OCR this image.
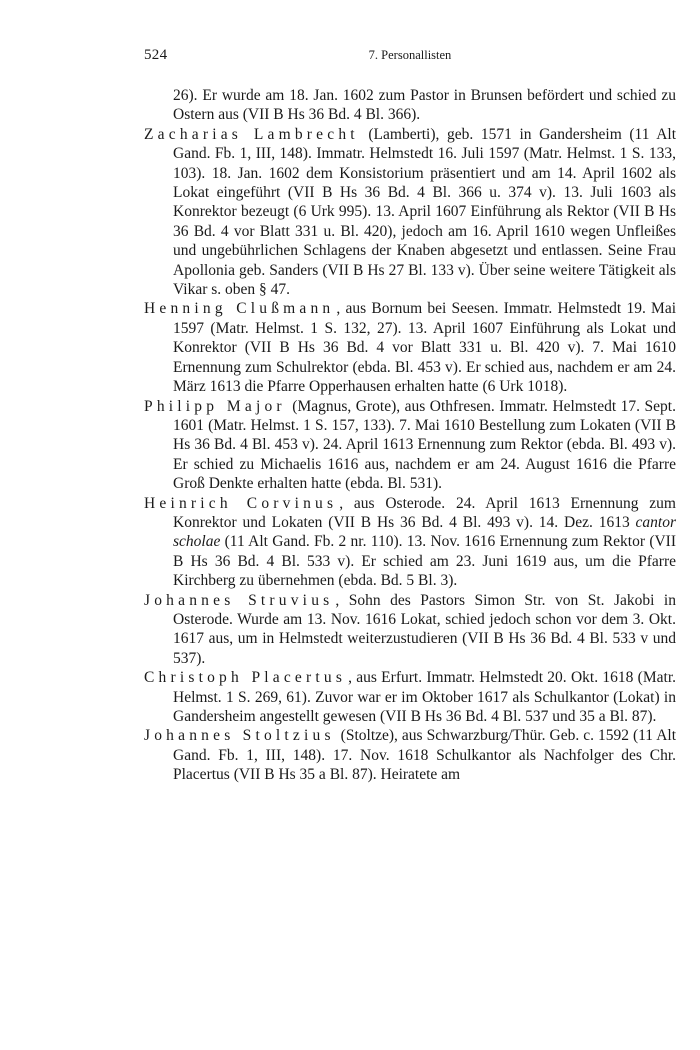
524	7. Personallisten

26). Er wurde am 18. Jan. 1602 zum Pastor in Brunsen befördert und schied zu Ostern aus (VII B Hs 36 Bd. 4 Bl. 366).

Zacharias Lambrecht (Lamberti), geb. 1571 in Gandersheim (11 Alt Gand. Fb. 1, III, 148). Immatr. Helmstedt 16. Juli 1597 (Matr. Helmst. 1 S. 133, 103). 18. Jan. 1602 dem Konsistorium präsentiert und am 14. April 1602 als Lokat eingeführt (VII B Hs 36 Bd. 4 Bl. 366 u. 374 v). 13. Juli 1603 als Konrektor bezeugt (6 Urk 995). 13. April 1607 Einführung als Rektor (VII B Hs 36 Bd. 4 vor Blatt 331 u. Bl. 420), jedoch am 16. April 1610 wegen Unfleißes und ungebührlichen Schlagens der Knaben abgesetzt und entlassen. Seine Frau Apollonia geb. Sanders (VII B Hs 27 Bl. 133 v). Über seine weitere Tätigkeit als Vikar s. oben § 47.

Henning Clußmann , aus Bornum bei Seesen. Immatr. Helmstedt 19. Mai 1597 (Matr. Helmst. 1 S. 132, 27). 13. April 1607 Einführung als Lokat und Konrektor (VII B Hs 36 Bd. 4 vor Blatt 331 u. Bl. 420 v). 7. Mai 1610 Ernennung zum Schulrektor (ebda. Bl. 453 v). Er schied aus, nachdem er am 24. März 1613 die Pfarre Opperhausen erhalten hatte (6 Urk 1018).

Philipp Major (Magnus, Grote), aus Othfresen. Immatr. Helmstedt 17. Sept. 1601 (Matr. Helmst. 1 S. 157, 133). 7. Mai 1610 Bestellung zum Lokaten (VII B Hs 36 Bd. 4 Bl. 453 v). 24. April 1613 Ernennung zum Rektor (ebda. Bl. 493 v). Er schied zu Michaelis 1616 aus, nachdem er am 24. August 1616 die Pfarre Groß Denkte erhalten hatte (ebda. Bl. 531).

Heinrich Corvinus , aus Osterode. 24. April 1613 Ernennung zum Konrektor und Lokaten (VII B Hs 36 Bd. 4 Bl. 493 v). 14. Dez. 1613 cantor scholae (11 Alt Gand. Fb. 2 nr. 110). 13. Nov. 1616 Ernennung zum Rektor (VII B Hs 36 Bd. 4 Bl. 533 v). Er schied am 23. Juni 1619 aus, um die Pfarre Kirchberg zu übernehmen (ebda. Bd. 5 Bl. 3).

Johannes Struvius , Sohn des Pastors Simon Str. von St. Jakobi in Osterode. Wurde am 13. Nov. 1616 Lokat, schied jedoch schon vor dem 3. Okt. 1617 aus, um in Helmstedt weiterzustudieren (VII B Hs 36 Bd. 4 Bl. 533 v und 537).

Christoph Placertus , aus Erfurt. Immatr. Helmstedt 20. Okt. 1618 (Matr. Helmst. 1 S. 269, 61). Zuvor war er im Oktober 1617 als Schulkantor (Lokat) in Gandersheim angestellt gewesen (VII B Hs 36 Bd. 4 Bl. 537 und 35 a Bl. 87).

Johannes Stoltzius (Stoltze), aus Schwarzburg/Thür. Geb. c. 1592 (11 Alt Gand. Fb. 1, III, 148). 17. Nov. 1618 Schulkantor als Nachfolger des Chr. Placertus (VII B Hs 35 a Bl. 87). Heiratete am
